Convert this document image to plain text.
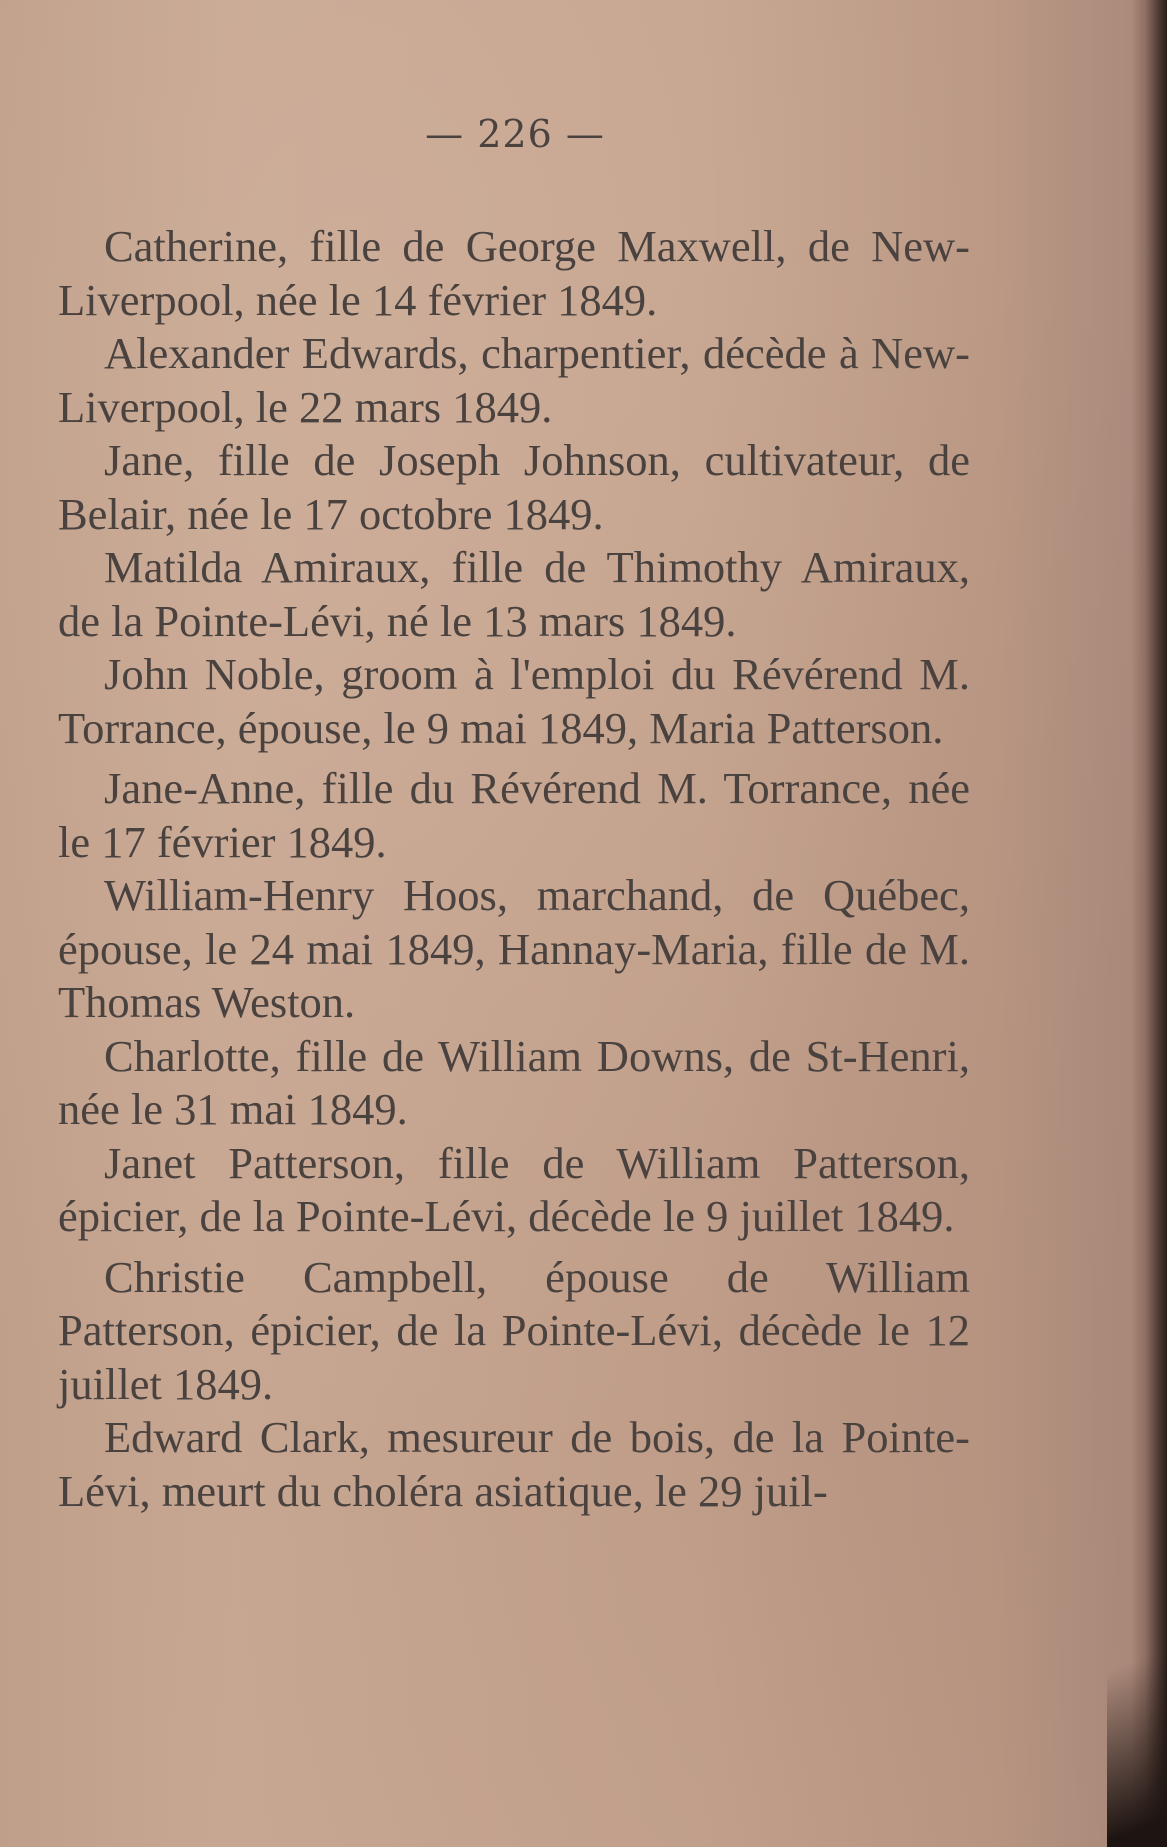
— 226 —

Catherine, fille de George Maxwell, de New-Liverpool, née le 14 février 1849.

Alexander Edwards, charpentier, décède à New-Liverpool, le 22 mars 1849.

Jane, fille de Joseph Johnson, cultivateur, de Belair, née le 17 octobre 1849.

Matilda Amiraux, fille de Thimothy Amiraux, de la Pointe-Lévi, né le 13 mars 1849.

John Noble, groom à l'emploi du Révérend M. Torrance, épouse, le 9 mai 1849, Maria Patterson.

Jane-Anne, fille du Révérend M. Torrance, née le 17 février 1849.

William-Henry Hoos, marchand, de Québec, épouse, le 24 mai 1849, Hannay-Maria, fille de M. Thomas Weston.

Charlotte, fille de William Downs, de St-Henri, née le 31 mai 1849.

Janet Patterson, fille de William Patterson, épicier, de la Pointe-Lévi, décède le 9 juillet 1849.

Christie Campbell, épouse de William Patterson, épicier, de la Pointe-Lévi, décède le 12 juillet 1849.

Edward Clark, mesureur de bois, de la Pointe-Lévi, meurt du choléra asiatique, le 29 juil-
